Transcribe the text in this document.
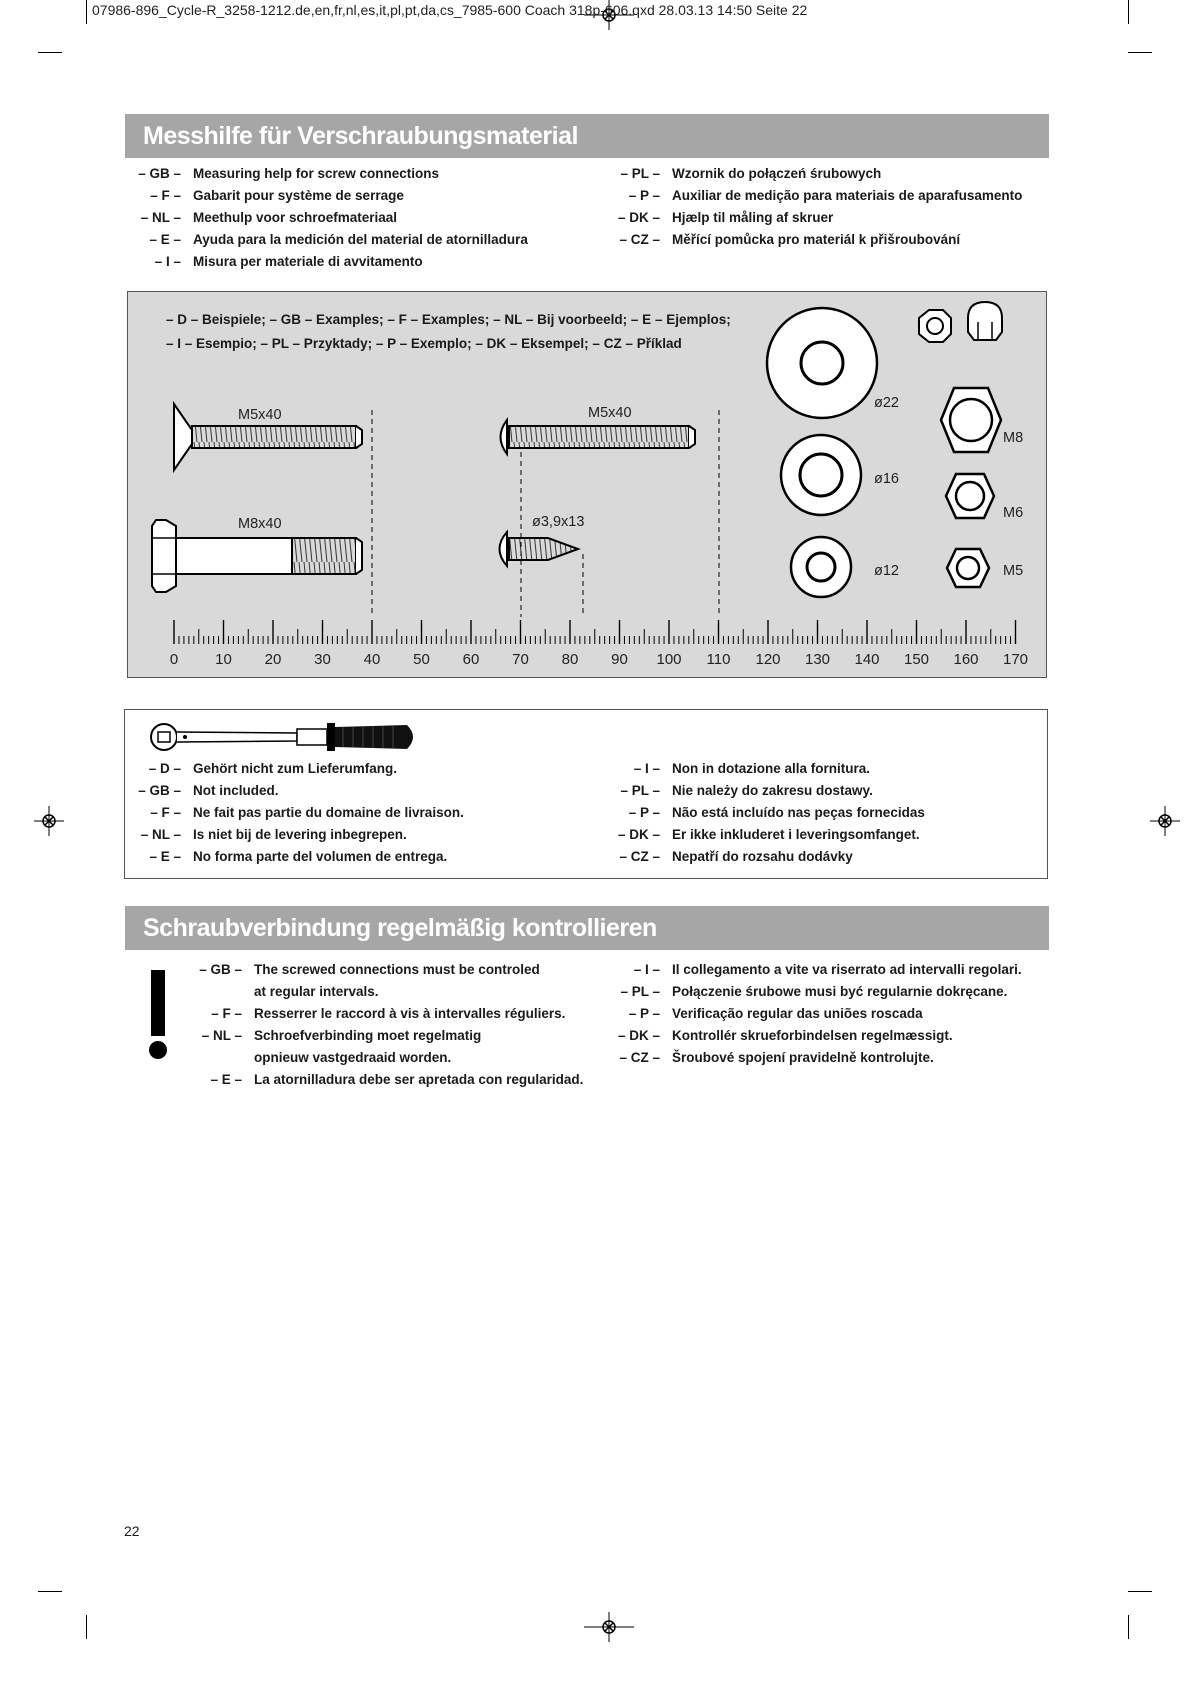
07986-896_Cycle-R_3258-1212.de,en,fr,nl,es,it,pl,pt,da,cs_7985-600 Coach 318p-606.qxd 28.03.13 14:50 Seite 22
Messhilfe für Verschraubungsmaterial
– GB – Measuring help for screw connections
– F – Gabarit pour système de serrage
– NL – Meethulp voor schroefmateriaal
– E – Ayuda para la medición del material de atornilladura
– I – Misura per materiale di avvitamento
– PL – Wzornik do połączeń śrubowych
– P – Auxiliar de medição para materiais de aparafusamento
– DK – Hjælp til måling af skruer
– CZ – Měřící pomůcka pro materiál k přišroubování
– D – Beispiele; – GB – Examples; – F – Examples; – NL – Bij voorbeeld; – E – Ejemplos;
– I – Esempio; – PL – Przyktady; – P – Exemplo; – DK – Eksempel; – CZ – Příklad
M5x40	M5x40
M8x40	ø3,9x13
ø22
ø16
ø12
M8
M6
M5
0 10 20 30 40 50 60 70 80 90 100 110 120 130 140 150 160 170
– D – Gehört nicht zum Lieferumfang.
– GB – Not included.
– F – Ne fait pas partie du domaine de livraison.
– NL – Is niet bij de levering inbegrepen.
– E – No forma parte del volumen de entrega.
– I – Non in dotazione alla fornitura.
– PL – Nie należy do zakresu dostawy.
– P – Não está incluído nas peças fornecidas
– DK – Er ikke inkluderet i leveringsomfanget.
– CZ – Nepatří do rozsahu dodávky
Schraubverbindung regelmäßig kontrollieren
– GB – The screwed connections must be controled
at regular intervals.
– F – Resserrer le raccord à vis à intervalles réguliers.
– NL – Schroefverbinding moet regelmatig
opnieuw vastgedraaid worden.
– E – La atornilladura debe ser apretada con regularidad.
– I – Il collegamento a vite va riserrato ad intervalli regolari.
– PL – Połączenie śrubowe musi być regularnie dokręcane.
– P – Verificação regular das uniões roscada
– DK – Kontrollér skrueforbindelsen regelmæssigt.
– CZ – Šroubové spojení pravidelně kontrolujte.
22
